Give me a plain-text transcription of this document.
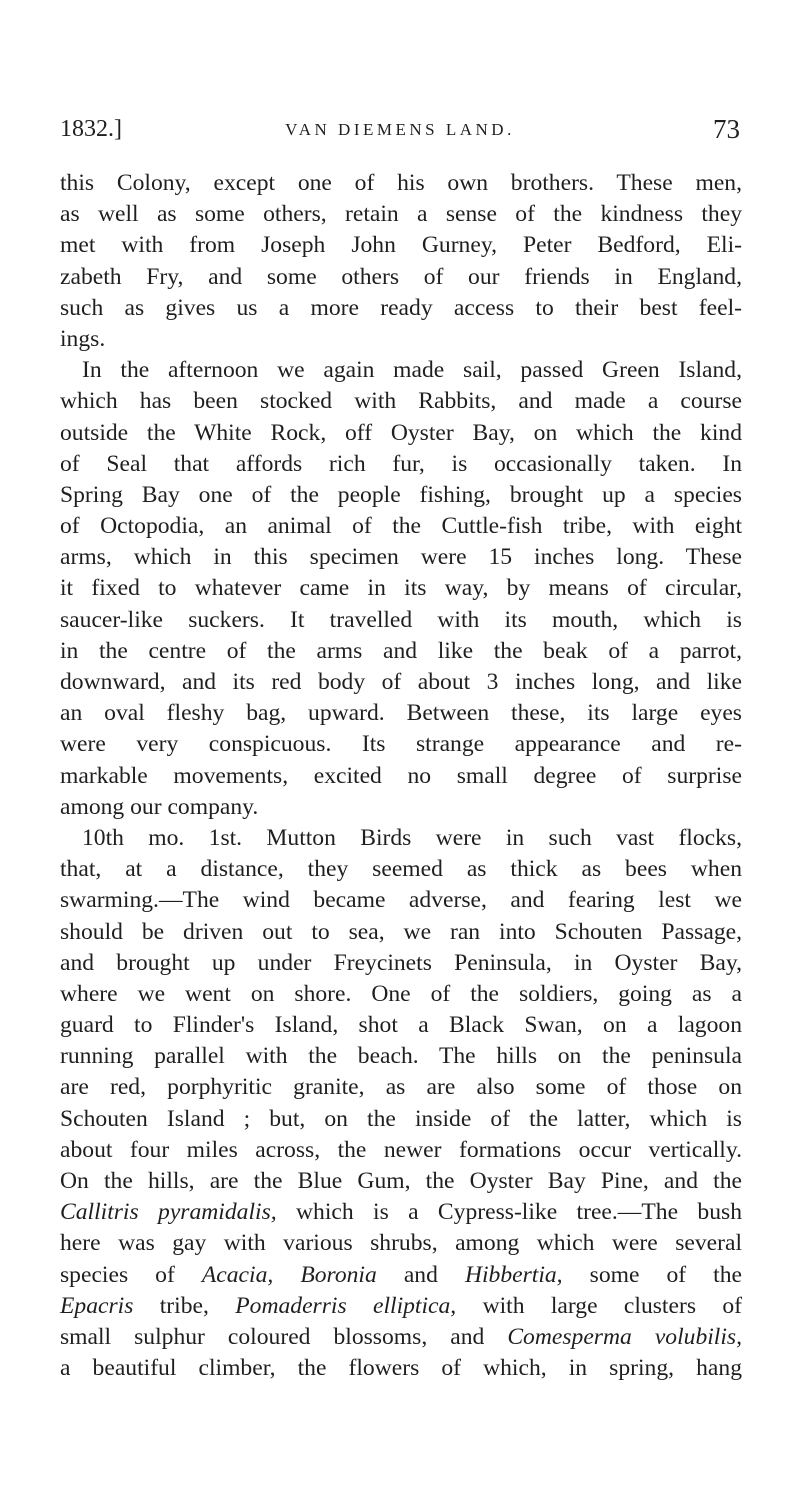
1832.]	VAN DIEMENS LAND.	73
this Colony, except one of his own brothers. These men,
as well as some others, retain a sense of the kindness they
met with from Joseph John Gurney, Peter Bedford, Eli-
zabeth Fry, and some others of our friends in England,
such as gives us a more ready access to their best feel-
ings.
In the afternoon we again made sail, passed Green Island,
which has been stocked with Rabbits, and made a course
outside the White Rock, off Oyster Bay, on which the kind
of Seal that affords rich fur, is occasionally taken. In
Spring Bay one of the people fishing, brought up a species
of Octopodia, an animal of the Cuttle-fish tribe, with eight
arms, which in this specimen were 15 inches long. These
it fixed to whatever came in its way, by means of circular,
saucer-like suckers. It travelled with its mouth, which is
in the centre of the arms and like the beak of a parrot,
downward, and its red body of about 3 inches long, and like
an oval fleshy bag, upward. Between these, its large eyes
were very conspicuous. Its strange appearance and re-
markable movements, excited no small degree of surprise
among our company.
10th mo. 1st. Mutton Birds were in such vast flocks,
that, at a distance, they seemed as thick as bees when
swarming.—The wind became adverse, and fearing lest we
should be driven out to sea, we ran into Schouten Passage,
and brought up under Freycinets Peninsula, in Oyster Bay,
where we went on shore. One of the soldiers, going as a
guard to Flinder's Island, shot a Black Swan, on a lagoon
running parallel with the beach. The hills on the peninsula
are red, porphyritic granite, as are also some of those on
Schouten Island ; but, on the inside of the latter, which is
about four miles across, the newer formations occur vertically.
On the hills, are the Blue Gum, the Oyster Bay Pine, and the
Callitris pyramidalis, which is a Cypress-like tree.—The bush
here was gay with various shrubs, among which were several
species of Acacia, Boronia and Hibbertia, some of the
Epacris tribe, Pomaderris elliptica, with large clusters of
small sulphur coloured blossoms, and Comesperma volubilis,
a beautiful climber, the flowers of which, in spring, hang
